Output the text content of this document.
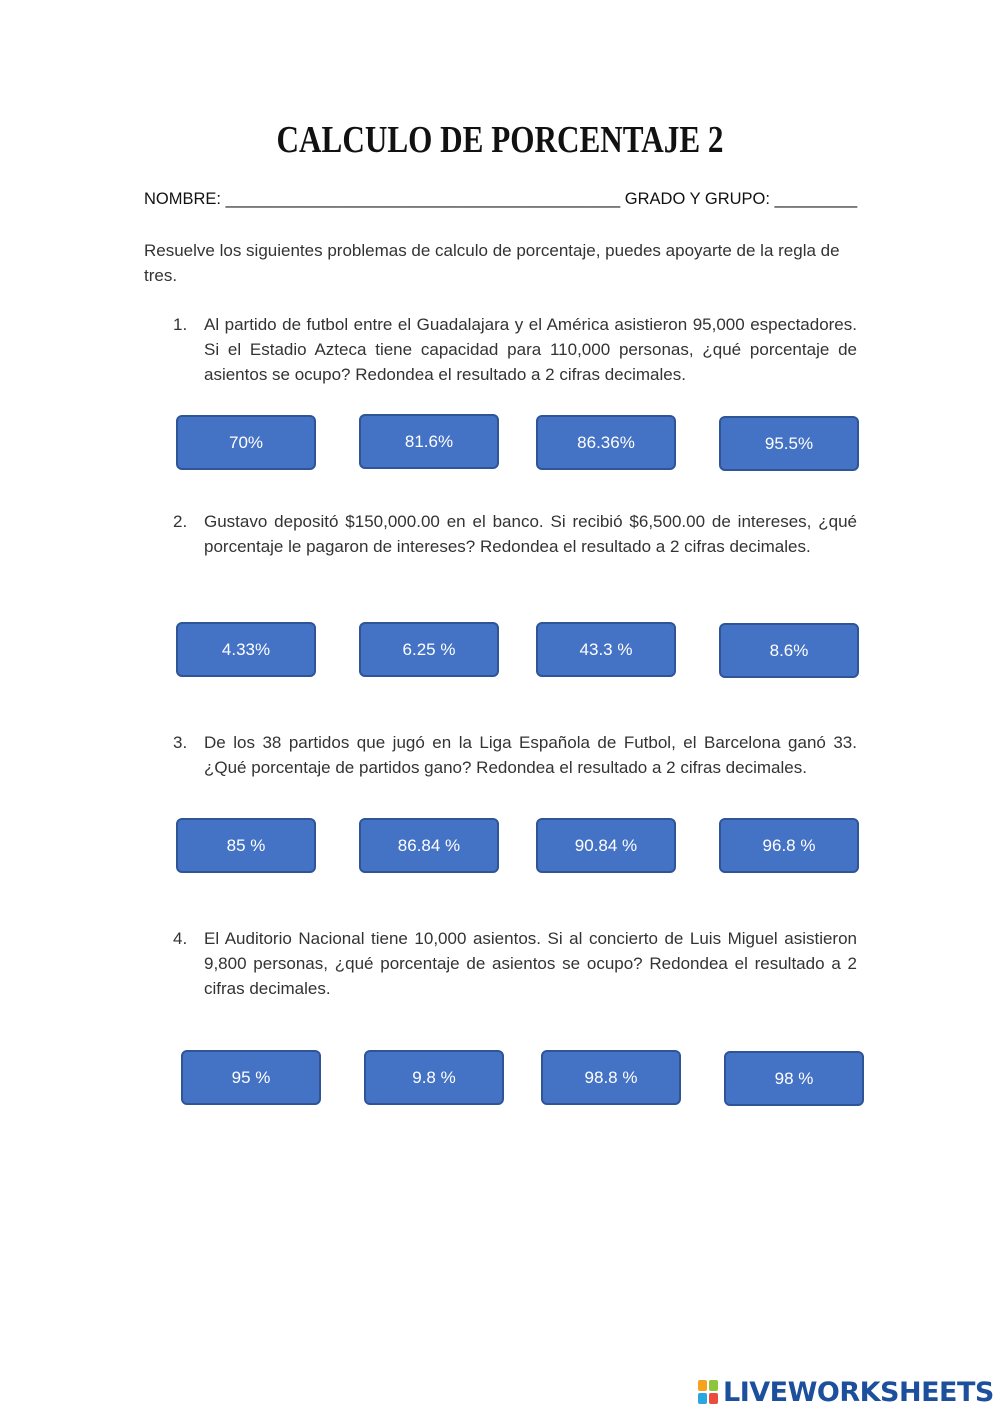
CALCULO DE PORCENTAJE 2
NOMBRE: ___________________________________________ GRADO Y GRUPO: _________
Resuelve los siguientes problemas de calculo de porcentaje, puedes apoyarte de la regla de tres.
1. Al partido de futbol entre el Guadalajara y el América asistieron 95,000 espectadores. Si el Estadio Azteca tiene capacidad para 110,000 personas, ¿qué porcentaje de asientos se ocupo? Redondea el resultado a 2 cifras decimales.
70%	81.6%	86.36%	95.5%
2. Gustavo depositó $150,000.00 en el banco. Si recibió $6,500.00 de intereses, ¿qué porcentaje le pagaron de intereses? Redondea el resultado a 2 cifras decimales.
4.33%	6.25 %	43.3 %	8.6%
3. De los 38 partidos que jugó en la Liga Española de Futbol, el Barcelona ganó 33. ¿Qué porcentaje de partidos gano? Redondea el resultado a 2 cifras decimales.
85 %	86.84 %	90.84 %	96.8 %
4. El Auditorio Nacional tiene 10,000 asientos. Si al concierto de Luis Miguel asistieron 9,800 personas, ¿qué porcentaje de asientos se ocupo? Redondea el resultado a 2 cifras decimales.
95 %	9.8 %	98.8 %	98 %
LIVEWORKSHEETS
